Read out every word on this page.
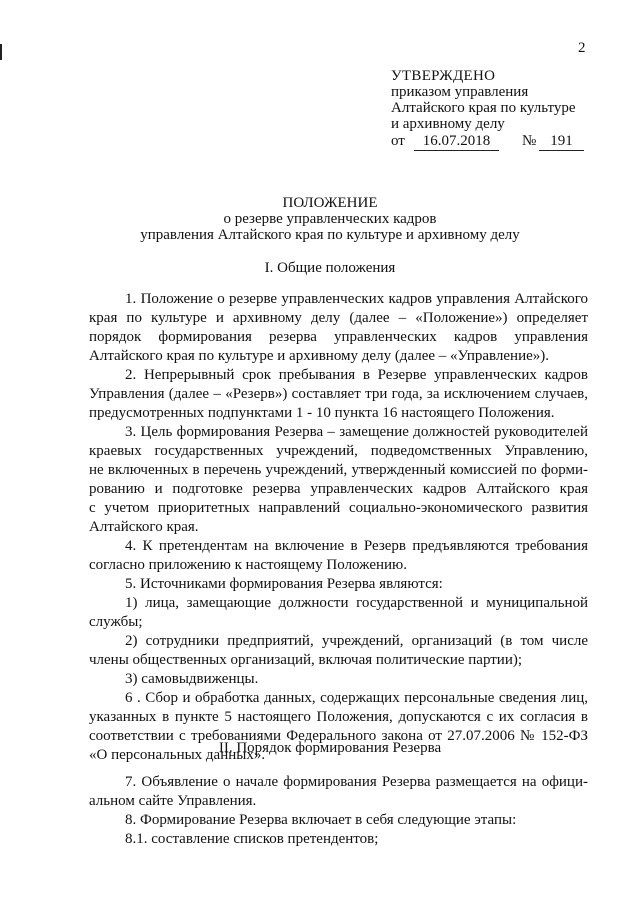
2
УТВЕРЖДЕНО
приказом управления
Алтайского края по культуре
и архивному делу
от	16.07.2018	№ 191
ПОЛОЖЕНИЕ
о резерве управленческих кадров
управления Алтайского края по культуре и архивному делу
I. Общие положения

1. Положение о резерве управленческих кадров управления Алтайского
края по культуре и архивному делу (далее – «Положение») определяет
порядок формирования резерва управленческих кадров управления
Алтайского края по культуре и архивному делу (далее – «Управление»).

2. Непрерывный срок пребывания в Резерве управленческих кадров
Управления (далее – «Резерв») составляет три года, за исключением случаев,
предусмотренных подпунктами 1 - 10 пункта 16 настоящего Положения.

3. Цель формирования Резерва – замещение должностей руководителей
краевых государственных учреждений, подведомственных Управлению,
не включенных в перечень учреждений, утвержденный комиссией по форми-
рованию и подготовке резерва управленческих кадров Алтайского края
с учетом приоритетных направлений социально-экономического развития
Алтайского края.

4. К претендентам на включение в Резерв предъявляются требования
согласно приложению к настоящему Положению.

5. Источниками формирования Резерва являются:

1) лица, замещающие должности государственной и муниципальной
службы;

2) сотрудники предприятий, учреждений, организаций (в том числе
члены общественных организаций, включая политические партии);

3) самовыдвиженцы.

6 . Сбор и обработка данных, содержащих персональные сведения лиц,
указанных в пункте 5 настоящего Положения, допускаются с их согласия в
соответствии с требованиями Федерального закона от 27.07.2006 № 152-ФЗ
«О персональных данных».

II. Порядок формирования Резерва

7. Объявление о начале формирования Резерва размещается на офици-
альном сайте Управления.

8. Формирование Резерва включает в себя следующие этапы:

8.1. составление списков претендентов;
